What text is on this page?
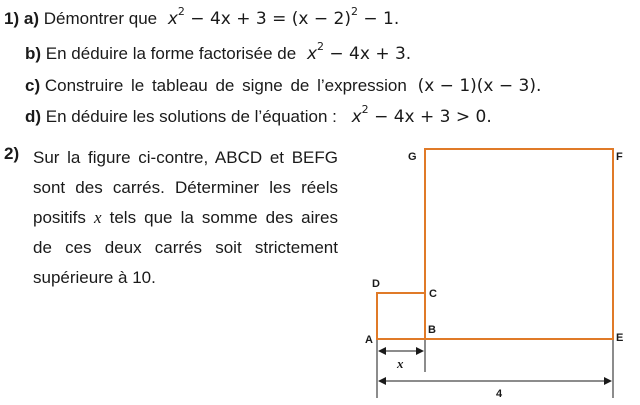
1) a) Démontrer que $x^2 - 4x + 3 = (x - 2)^2 - 1$.
b) En déduire la forme factorisée de $x^2 - 4x + 3$.
c) Construire le tableau de signe de l’expression (x − 1)(x − 3).
d) En déduire les solutions de l’équation : $x^2 - 4x + 3 > 0$.
2) Sur la figure ci-contre, ABCD et BEFG
sont des carrés. Déterminer les réels
positifs x tels que la somme des aires
de ces deux carrés soit strictement
supérieure à 10.
G	F
D
C
A
B
E
x
4
